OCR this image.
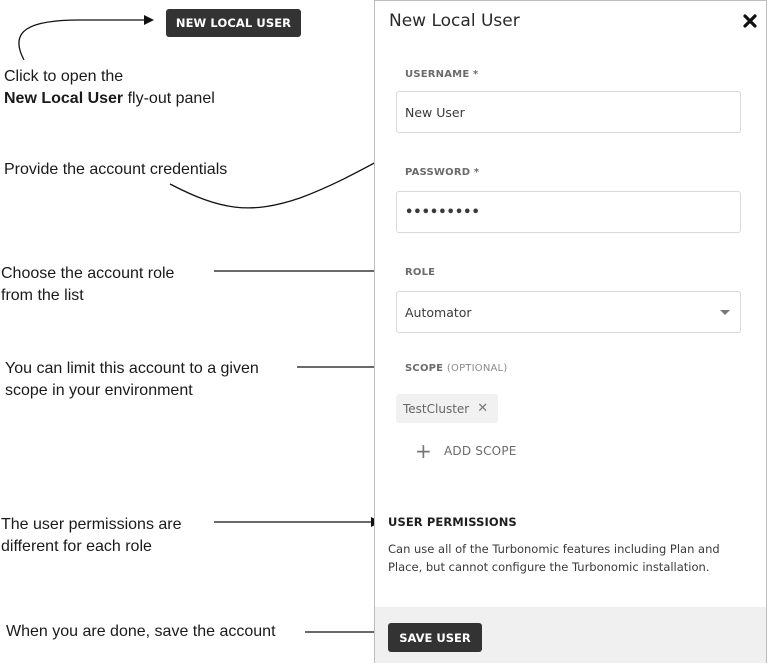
NEW LOCAL USER
Click to open the
New Local User fly-out panel
Provide the account credentials
Choose the account role
from the list
You can limit this account to a given
scope in your environment
The user permissions are
different for each role
When you are done, save the account
New Local User
USERNAME *
New User
PASSWORD *
•••••••••
ROLE
Automator
SCOPE (OPTIONAL)
TestCluster ✕
+ ADD SCOPE
USER PERMISSIONS
Can use all of the Turbonomic features including Plan and Place, but cannot configure the Turbonomic installation.
SAVE USER
